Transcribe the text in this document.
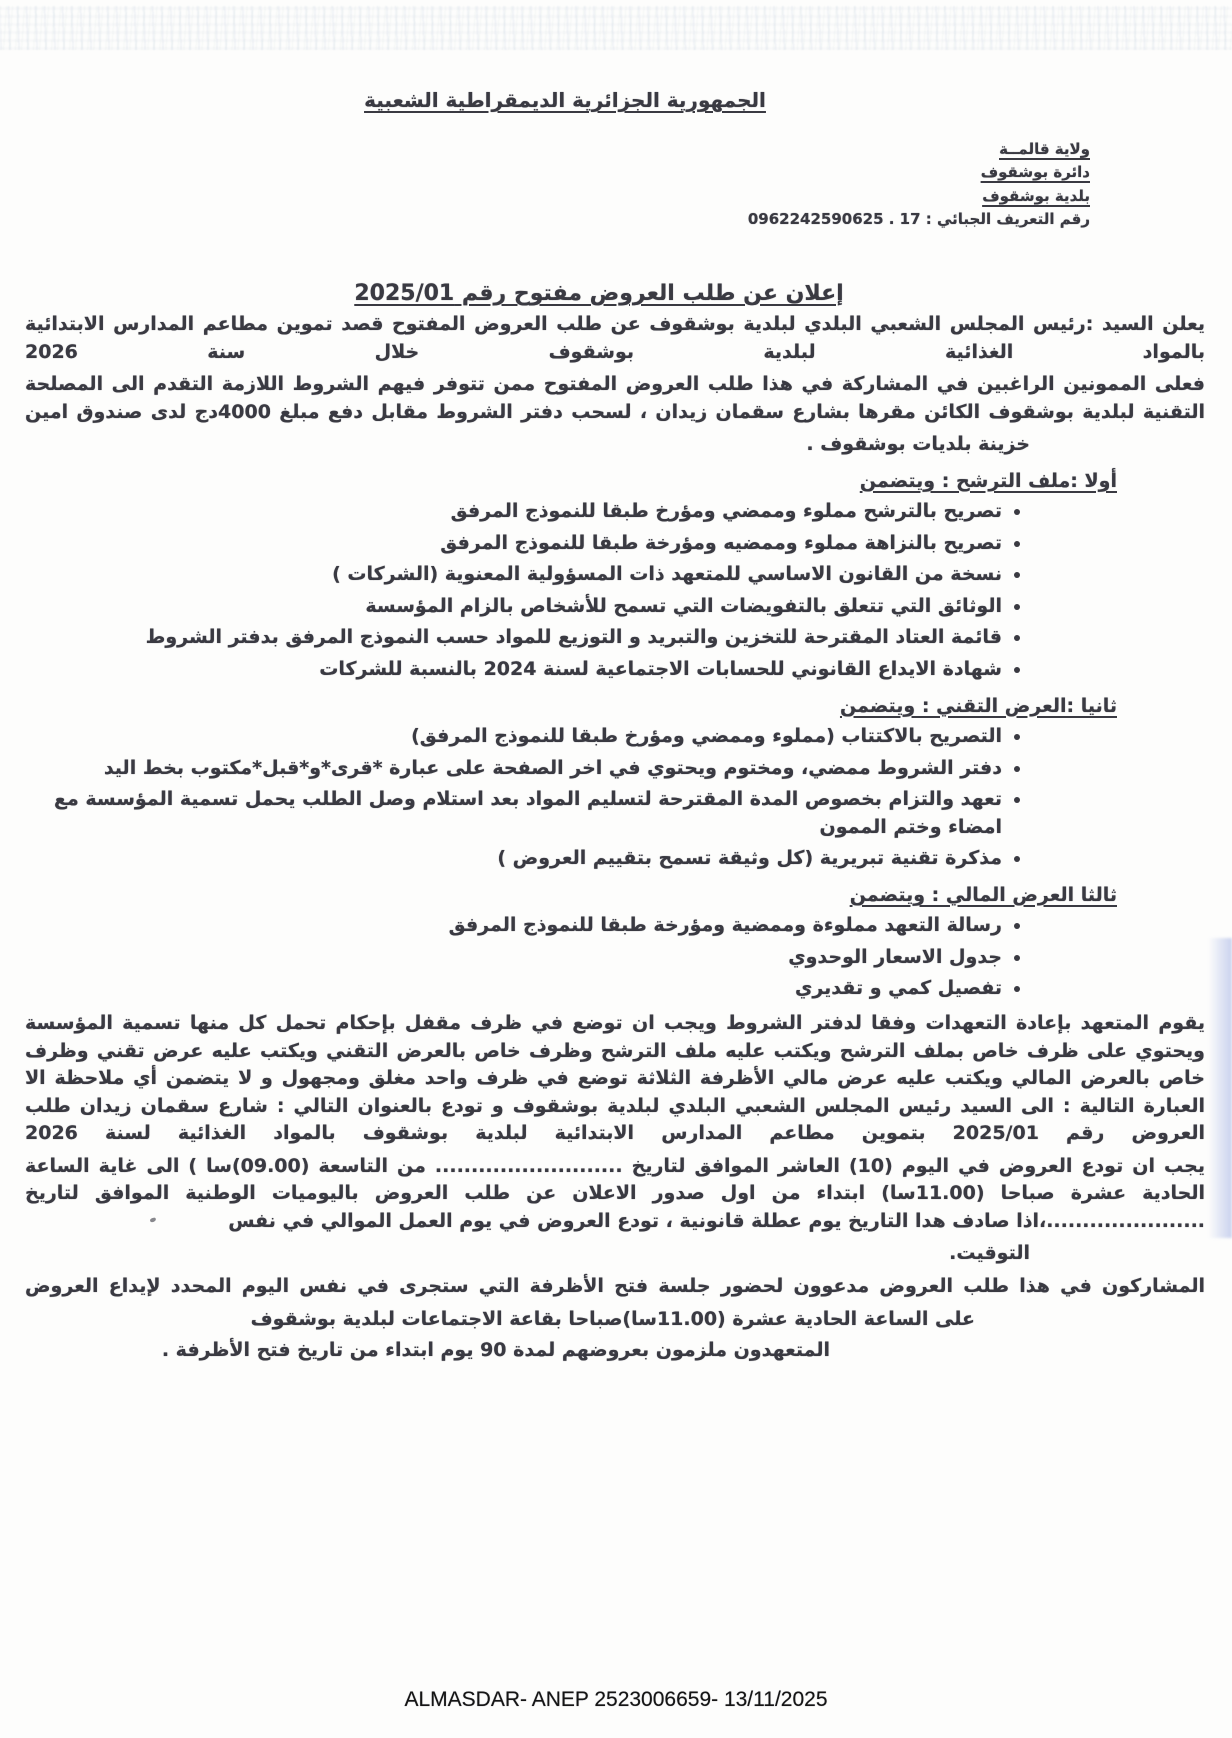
الجمهورية الجزائرية الديمقراطية الشعبية
ولاية قالمــة
دائرة بوشقوف
بلدية بوشقوف
رقم التعريف الجبائي : 17 . 0962242590625
إعلان عن طلب العروض مفتوح رقم 2025/01

يعلن السيد :رئيس المجلس الشعبي البلدي لبلدية بوشقوف عن طلب العروض المفتوح قصد تموين مطاعم المدارس الابتدائية بالمواد الغذائية لبلدية بوشقوف خلال سنة 2026

فعلى الممونين الراغبين في المشاركة في هذا طلب العروض المفتوح ممن تتوفر فيهم الشروط اللازمة التقدم الى المصلحة التقنية لبلدية بوشقوف الكائن مقرها بشارع سقمان زيدان ، لسحب دفتر الشروط مقابل دفع مبلغ 4000دج لدى صندوق امين

خزينة بلديات بوشقوف .
أولا :ملف الترشح : ويتضمن
• تصريح بالترشح مملوء وممضي ومؤرخ طبقا للنموذج المرفق
• تصريح بالنزاهة مملوء وممضيه ومؤرخة طبقا للنموذج المرفق
• نسخة من القانون الاساسي للمتعهد ذات المسؤولية المعنوية (الشركات )
• الوثائق التي تتعلق بالتفويضات التي تسمح للأشخاص بالزام المؤسسة
• قائمة العتاد المقترحة للتخزين والتبريد و التوزيع للمواد حسب النموذج المرفق بدفتر الشروط
• شهادة الايداع القانوني للحسابات الاجتماعية لسنة 2024 بالنسبة للشركات
ثانيا :العرض التقني : ويتضمن
• التصريح بالاكتتاب (مملوء وممضي ومؤرخ طبقا للنموذج المرفق)
• دفتر الشروط ممضي، ومختوم ويحتوي في اخر الصفحة على عبارة *قرى*و*قبل*مكتوب بخط اليد
• تعهد والتزام بخصوص المدة المقترحة لتسليم المواد بعد استلام وصل الطلب يحمل تسمية المؤسسة مع امضاء وختم الممون
• مذكرة تقنية تبريرية (كل وثيقة تسمح بتقييم العروض )
ثالثا العرض المالي : ويتضمن
• رسالة التعهد مملوءة وممضية ومؤرخة طبقا للنموذج المرفق
• جدول الاسعار الوحدوي
• تفصيل كمي و تقديري

يقوم المتعهد بإعادة التعهدات وفقا لدفتر الشروط ويجب ان توضع في ظرف مقفل بإحكام تحمل كل منها تسمية المؤسسة ويحتوي على ظرف خاص بملف الترشح ويكتب عليه ملف الترشح وظرف خاص بالعرض التقني ويكتب عليه عرض تقني وظرف خاص بالعرض المالي ويكتب عليه عرض مالي الأظرفة الثلاثة توضع في ظرف واحد مغلق ومجهول و لا يتضمن أي ملاحظة الا العبارة التالية : الى السيد رئيس المجلس الشعبي البلدي لبلدية بوشقوف و تودع بالعنوان التالي : شارع سقمان زيدان طلب العروض رقم 2025/01 بتموين مطاعم المدارس الابتدائية لبلدية بوشقوف بالمواد الغذائية لسنة 2026

يجب ان تودع العروض في اليوم (10) العاشر الموافق لتاريخ .......................... من التاسعة (09.00)سا ) الى غاية الساعة الحادية عشرة صباحا (11.00سا) ابتداء من اول صدور الاعلان عن طلب العروض باليوميات الوطنية الموافق لتاريخ ......................،اذا صادف هدا التاريخ يوم عطلة قانونية ، تودع العروض في يوم العمل الموالي في نفس

التوقيت.

المشاركون في هذا طلب العروض مدعوون لحضور جلسة فتح الأظرفة التي ستجرى في نفس اليوم المحدد لإيداع العروض

على الساعة الحادية عشرة (11.00سا)صباحا بقاعة الاجتماعات لبلدية بوشقوف
المتعهدون ملزمون بعروضهم لمدة 90 يوم ابتداء من تاريخ فتح الأظرفة .
ALMASDAR- ANEP 2523006659- 13/11/2025
